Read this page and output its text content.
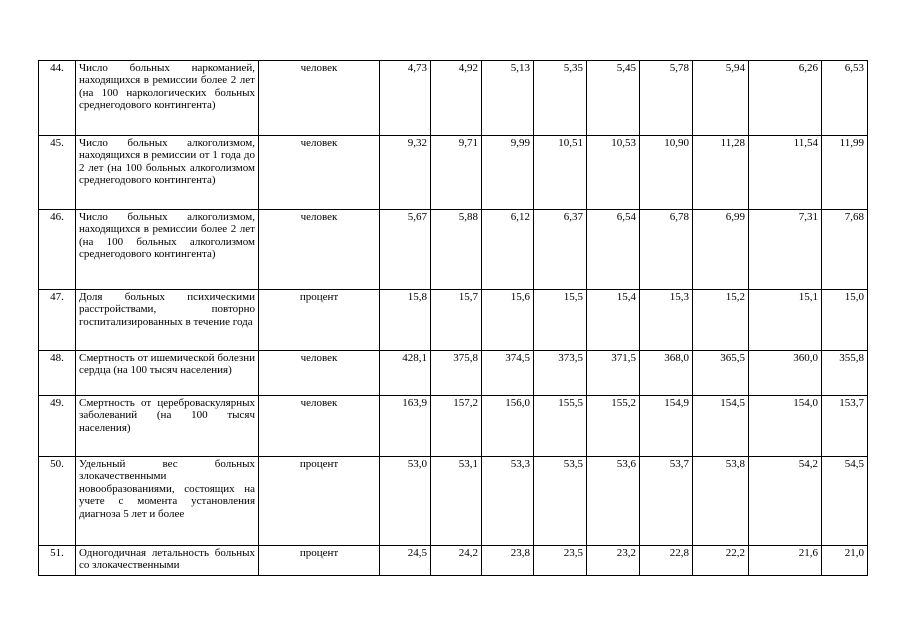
44.	Число больных наркоманией, находящихся в ремиссии более 2 лет (на 100 наркологических больных среднегодового контингента)	человек	4,73	4,92	5,13	5,35	5,45	5,78	5,94	6,26	6,53
45.	Число больных алкоголизмом, находящихся в ремиссии от 1 года до 2 лет (на 100 больных алкоголизмом среднегодового контингента)	человек	9,32	9,71	9,99	10,51	10,53	10,90	11,28	11,54	11,99
46.	Число больных алкоголизмом, находящихся в ремиссии более 2 лет (на 100 больных алкоголизмом среднегодового контингента)	человек	5,67	5,88	6,12	6,37	6,54	6,78	6,99	7,31	7,68
47.	Доля больных психическими расстройствами, повторно госпитализированных в течение года	процент	15,8	15,7	15,6	15,5	15,4	15,3	15,2	15,1	15,0
48.	Смертность от ишемической болезни сердца (на 100 тысяч населения)	человек	428,1	375,8	374,5	373,5	371,5	368,0	365,5	360,0	355,8
49.	Смертность от цереброваскулярных заболеваний (на 100 тысяч населения)	человек	163,9	157,2	156,0	155,5	155,2	154,9	154,5	154,0	153,7
50.	Удельный вес больных злокачественными новообразованиями, состоящих на учете с момента установления диагноза 5 лет и более	процент	53,0	53,1	53,3	53,5	53,6	53,7	53,8	54,2	54,5
51.	Одногодичная летальность больных со злокачественными	процент	24,5	24,2	23,8	23,5	23,2	22,8	22,2	21,6	21,0
